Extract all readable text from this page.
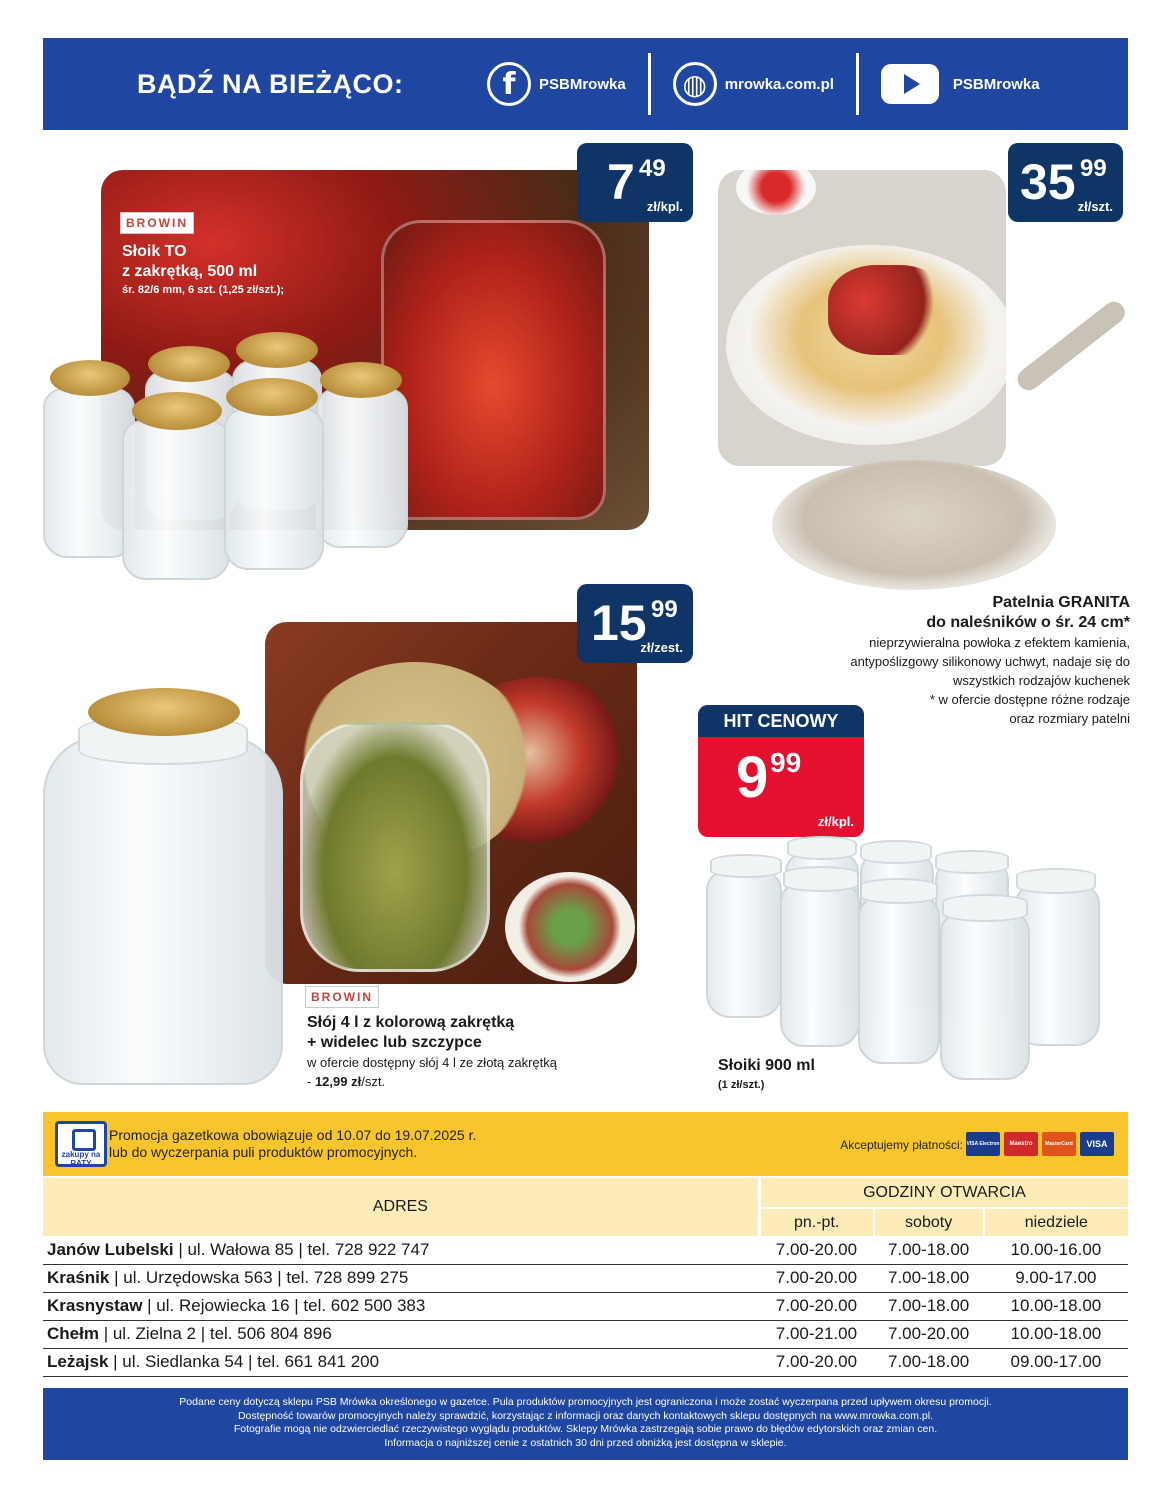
BĄDŹ NA BIEŻĄCO:	f	PSBMrowka	◍	mrowka.com.pl	PSBMrowka
BROWIN
Słoik TO
z zakrętką, 500 ml
śr. 82/6 mm, 6 szt. (1,25 zł/szt.);
7 49
zł/kpl.	35 99
zł/szt.
Patelnia GRANITA
do naleśników o śr. 24 cm*
nieprzywieralna powłoka z efektem kamienia,
antypoślizgowy silikonowy uchwyt, nadaje się do
wszystkich rodzajów kuchenek
* w ofercie dostępne różne rodzaje
oraz rozmiary patelni
15 99
zł/zest.
BROWIN
Słój 4 l z kolorową zakrętką
+ widelec lub szczypce
w ofercie dostępny słój 4 l ze złotą zakrętką
- 12,99 zł/szt.
HIT CENOWY
9 99
zł/kpl.
Słoiki 900 ml
(1 zł/szt.)
zakupy na RATY
Promocja gazetkowa obowiązuje od 10.07 do 19.07.2025 r.
lub do wyczerpania puli produktów promocyjnych.	Akceptujemy płatności: VISA Electron	Maestro	MasterCard	VISA
ADRES	GODZINY OTWARCIA		
	pn.-pt.	soboty	niedziele
Janów Lubelski | ul. Wałowa 85 | tel. 728 922 747	7.00-20.00	7.00-18.00	10.00-16.00
Kraśnik | ul. Urzędowska 563 | tel. 728 899 275	7.00-20.00	7.00-18.00	9.00-17.00
Krasnystaw | ul. Rejowiecka 16 | tel. 602 500 383	7.00-20.00	7.00-18.00	10.00-18.00
Chełm | ul. Zielna 2 | tel. 506 804 896	7.00-21.00	7.00-20.00	10.00-18.00
Leżajsk | ul. Siedlanka 54 | tel. 661 841 200	7.00-20.00	7.00-18.00	09.00-17.00
Podane ceny dotyczą sklepu PSB Mrówka określonego w gazetce. Pula produktów promocyjnych jest ograniczona i może zostać wyczerpana przed upływem okresu promocji.
Dostępność towarów promocyjnych należy sprawdzić, korzystając z informacji oraz danych kontaktowych sklepu dostępnych na www.mrowka.com.pl.
Fotografie mogą nie odzwierciedlać rzeczywistego wyglądu produktów. Sklepy Mrówka zastrzegają sobie prawo do błędów edytorskich oraz zmian cen.
Informacja o najniższej cenie z ostatnich 30 dni przed obniżką jest dostępna w sklepie.
